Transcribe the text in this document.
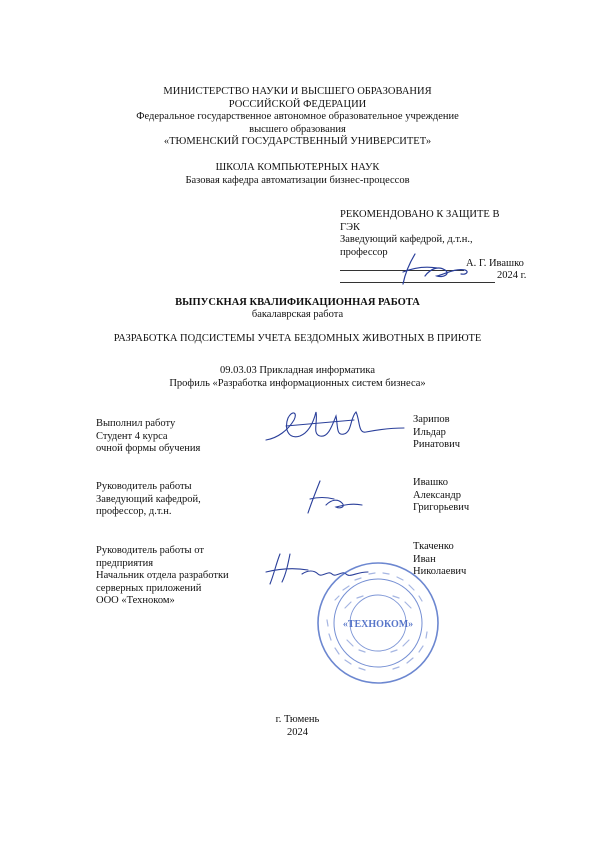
МИНИСТЕРСТВО НАУКИ И ВЫСШЕГО ОБРАЗОВАНИЯ
РОССИЙСКОЙ ФЕДЕРАЦИИ
Федеральное государственное автономное образовательное учреждение
высшего образования
«ТЮМЕНСКИЙ ГОСУДАРСТВЕННЫЙ УНИВЕРСИТЕТ»
ШКОЛА КОМПЬЮТЕРНЫХ НАУК
Базовая кафедра автоматизации бизнес-процессов
РЕКОМЕНДОВАНО К ЗАЩИТЕ В
ГЭК
Заведующий кафедрой, д.т.н.,
профессор
А. Г. Ивашко
2024 г.
ВЫПУСКНАЯ КВАЛИФИКАЦИОННАЯ РАБОТА
бакалаврская работа
РАЗРАБОТКА ПОДСИСТЕМЫ УЧЕТА БЕЗДОМНЫХ ЖИВОТНЫХ В ПРИЮТЕ
09.03.03 Прикладная информатика
Профиль «Разработка информационных систем бизнеса»
Выполнил работу
Студент 4 курса
очной формы обучения
Зарипов
Ильдар
Ринатович
Руководитель работы
Заведующий кафедрой,
профессор, д.т.н.
Ивашко
Александр
Григорьевич
Руководитель работы от
предприятия
Начальник отдела разработки
серверных приложений
ООО «Техноком»
Ткаченко
Иван
Николаевич
«ТЕХНОКОМ»
г. Тюмень
2024
